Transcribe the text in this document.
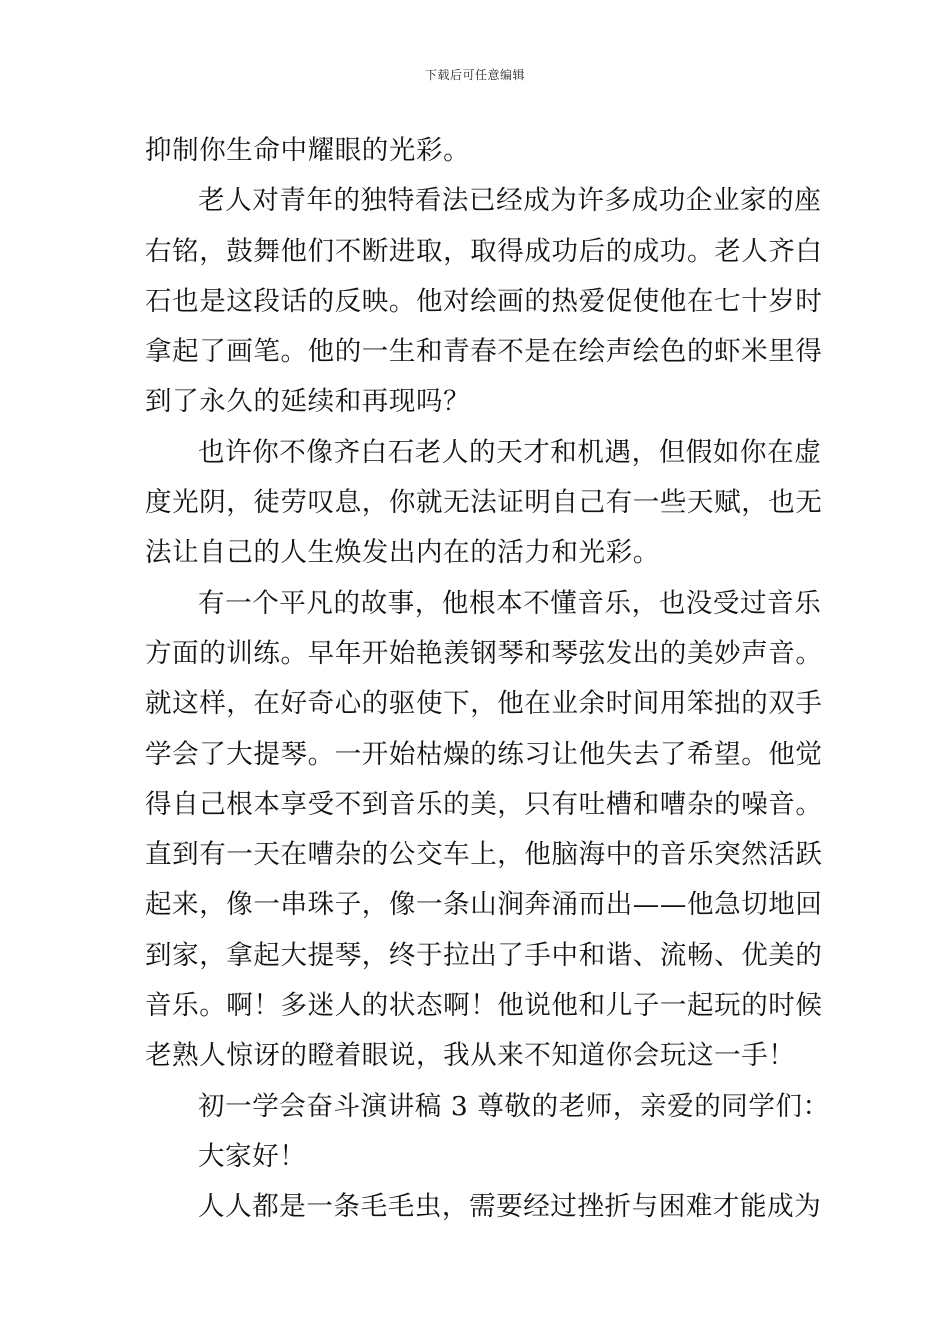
下载后可任意编辑
抑制你生命中耀眼的光彩。
老人对青年的独特看法已经成为许多成功企业家的座
右铭，鼓舞他们不断进取，取得成功后的成功。老人齐白
石也是这段话的反映。他对绘画的热爱促使他在七十岁时
拿起了画笔。他的一生和青春不是在绘声绘色的虾米里得
到了永久的延续和再现吗？
也许你不像齐白石老人的天才和机遇，但假如你在虚
度光阴，徒劳叹息，你就无法证明自己有一些天赋，也无
法让自己的人生焕发出内在的活力和光彩。
有一个平凡的故事，他根本不懂音乐，也没受过音乐
方面的训练。早年开始艳羡钢琴和琴弦发出的美妙声音。
就这样，在好奇心的驱使下，他在业余时间用笨拙的双手
学会了大提琴。一开始枯燥的练习让他失去了希望。他觉
得自己根本享受不到音乐的美，只有吐槽和嘈杂的噪音。
直到有一天在嘈杂的公交车上，他脑海中的音乐突然活跃
起来，像一串珠子，像一条山涧奔涌而出——他急切地回
到家，拿起大提琴，终于拉出了手中和谐、流畅、优美的
音乐。啊！多迷人的状态啊！他说他和儿子一起玩的时候
老熟人惊讶的瞪着眼说，我从来不知道你会玩这一手！
初一学会奋斗演讲稿 3 尊敬的老师，亲爱的同学们：
大家好！
人人都是一条毛毛虫，需要经过挫折与困难才能成为
